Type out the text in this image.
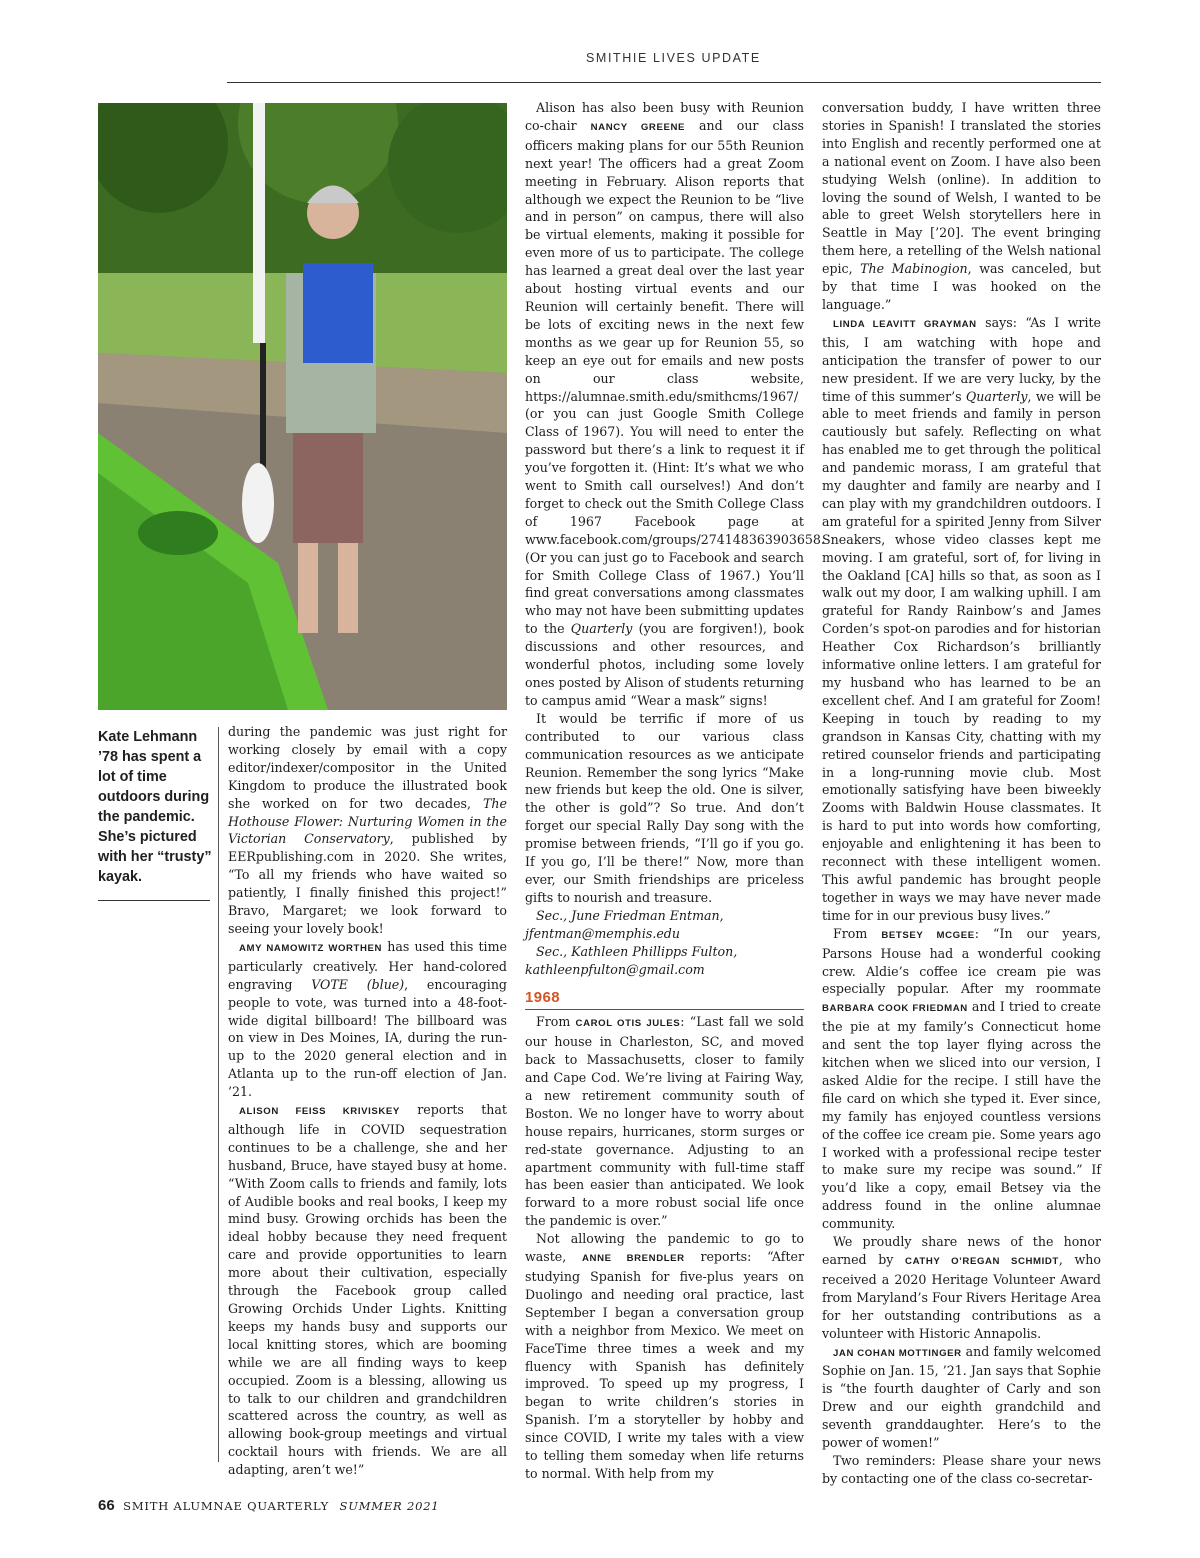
SMITHIE LIVES UPDATE
Kate Lehmann ’78 has spent a lot of time outdoors during the pandemic. She’s pictured with her “trusty” kayak.

during the pandemic was just right for working closely by email with a copy editor/indexer/compositor in the United Kingdom to produce the illustrated book she worked on for two decades, The Hothouse Flower: Nurturing Women in the Victorian Conservatory, published by EERpublishing.com in 2020. She writes, “To all my friends who have waited so patiently, I finally finished this project!” Bravo, Margaret; we look forward to seeing your lovely book!

AMY NAMOWITZ WORTHEN has used this time particularly creatively. Her hand-colored engraving VOTE (blue), encouraging people to vote, was turned into a 48-foot-wide digital billboard! The billboard was on view in Des Moines, IA, during the run-up to the 2020 general election and in Atlanta up to the run-off election of Jan. ’21.

ALISON FEISS KRIVISKEY reports that although life in COVID sequestration continues to be a challenge, she and her husband, Bruce, have stayed busy at home. “With Zoom calls to friends and family, lots of Audible books and real books, I keep my mind busy. Growing orchids has been the ideal hobby because they need frequent care and provide opportunities to learn more about their cultivation, especially through the Facebook group called Growing Orchids Under Lights. Knitting keeps my hands busy and supports our local knitting stores, which are booming while we are all finding ways to keep occupied. Zoom is a blessing, allowing us to talk to our children and grandchildren scattered across the country, as well as allowing book-group meetings and virtual cocktail hours with friends. We are all adapting, aren’t we!”

Alison has also been busy with Reunion co-chair NANCY GREENE and our class officers making plans for our 55th Reunion next year! The officers had a great Zoom meeting in February. Alison reports that although we expect the Reunion to be “live and in person” on campus, there will also be virtual elements, making it possible for even more of us to participate. The college has learned a great deal over the last year about hosting virtual events and our Reunion will certainly benefit. There will be lots of exciting news in the next few months as we gear up for Reunion 55, so keep an eye out for emails and new posts on our class website, https://alumnae.smith.edu/smithcms/1967/ (or you can just Google Smith College Class of 1967). You will need to enter the password but there’s a link to request it if you’ve forgotten it. (Hint: It’s what we who went to Smith call ourselves!) And don’t forget to check out the Smith College Class of 1967 Facebook page at www.facebook.com/groups/274148363903658. (Or you can just go to Facebook and search for Smith College Class of 1967.) You’ll find great conversations among classmates who may not have been submitting updates to the Quarterly (you are forgiven!), book discussions and other resources, and wonderful photos, including some lovely ones posted by Alison of students returning to campus amid “Wear a mask” signs!

It would be terrific if more of us contributed to our various class communication resources as we anticipate Reunion. Remember the song lyrics “Make new friends but keep the old. One is silver, the other is gold”? So true. And don’t forget our special Rally Day song with the promise between friends, “I’ll go if you go. If you go, I’ll be there!” Now, more than ever, our Smith friendships are priceless gifts to nourish and treasure.

Sec., June Friedman Entman,

jfentman@memphis.edu

Sec., Kathleen Phillipps Fulton,

kathleenpfulton@gmail.com

1968

From CAROL OTIS JULES: “Last fall we sold our house in Charleston, SC, and moved back to Massachusetts, closer to family and Cape Cod. We’re living at Fairing Way, a new retirement community south of Boston. We no longer have to worry about house repairs, hurricanes, storm surges or red-state governance. Adjusting to an apartment community with full-time staff has been easier than anticipated. We look forward to a more robust social life once the pandemic is over.”

Not allowing the pandemic to go to waste, ANNE BRENDLER reports: “After studying Spanish for five-plus years on Duolingo and needing oral practice, last September I began a conversation group with a neighbor from Mexico. We meet on FaceTime three times a week and my fluency with Spanish has definitely improved. To speed up my progress, I began to write children’s stories in Spanish. I’m a storyteller by hobby and since COVID, I write my tales with a view to telling them someday when life returns to normal. With help from my

conversation buddy, I have written three stories in Spanish! I translated the stories into English and recently performed one at a national event on Zoom. I have also been studying Welsh (online). In addition to loving the sound of Welsh, I wanted to be able to greet Welsh storytellers here in Seattle in May [’20]. The event bringing them here, a retelling of the Welsh national epic, The Mabinogion, was canceled, but by that time I was hooked on the language.”

LINDA LEAVITT GRAYMAN says: “As I write this, I am watching with hope and anticipation the transfer of power to our new president. If we are very lucky, by the time of this summer’s Quarterly, we will be able to meet friends and family in person cautiously but safely. Reflecting on what has enabled me to get through the political and pandemic morass, I am grateful that my daughter and family are nearby and I can play with my grandchildren outdoors. I am grateful for a spirited Jenny from Silver Sneakers, whose video classes kept me moving. I am grateful, sort of, for living in the Oakland [CA] hills so that, as soon as I walk out my door, I am walking uphill. I am grateful for Randy Rainbow’s and James Corden’s spot-on parodies and for historian Heather Cox Richardson’s brilliantly informative online letters. I am grateful for my husband who has learned to be an excellent chef. And I am grateful for Zoom! Keeping in touch by reading to my grandson in Kansas City, chatting with my retired counselor friends and participating in a long-running movie club. Most emotionally satisfying have been biweekly Zooms with Baldwin House classmates. It is hard to put into words how comforting, enjoyable and enlightening it has been to reconnect with these intelligent women. This awful pandemic has brought people together in ways we may have never made time for in our previous busy lives.”

From BETSEY MCGEE: “In our years, Parsons House had a wonderful cooking crew. Aldie’s coffee ice cream pie was especially popular. After my roommate BARBARA COOK FRIEDMAN and I tried to create the pie at my family’s Connecticut home and sent the top layer flying across the kitchen when we sliced into our version, I asked Aldie for the recipe. I still have the file card on which she typed it. Ever since, my family has enjoyed countless versions of the coffee ice cream pie. Some years ago I worked with a professional recipe tester to make sure my recipe was sound.” If you’d like a copy, email Betsey via the address found in the online alumnae community.

We proudly share news of the honor earned by CATHY O’REGAN SCHMIDT, who received a 2020 Heritage Volunteer Award from Maryland’s Four Rivers Heritage Area for her outstanding contributions as a volunteer with Historic Annapolis.

JAN COHAN MOTTINGER and family welcomed Sophie on Jan. 15, ’21. Jan says that Sophie is “the fourth daughter of Carly and son Drew and our eighth grandchild and seventh granddaughter. Here’s to the power of women!”

Two reminders: Please share your news by contacting one of the class co-secretar-

66 SMITH ALUMNAE QUARTERLY SUMMER 2021
